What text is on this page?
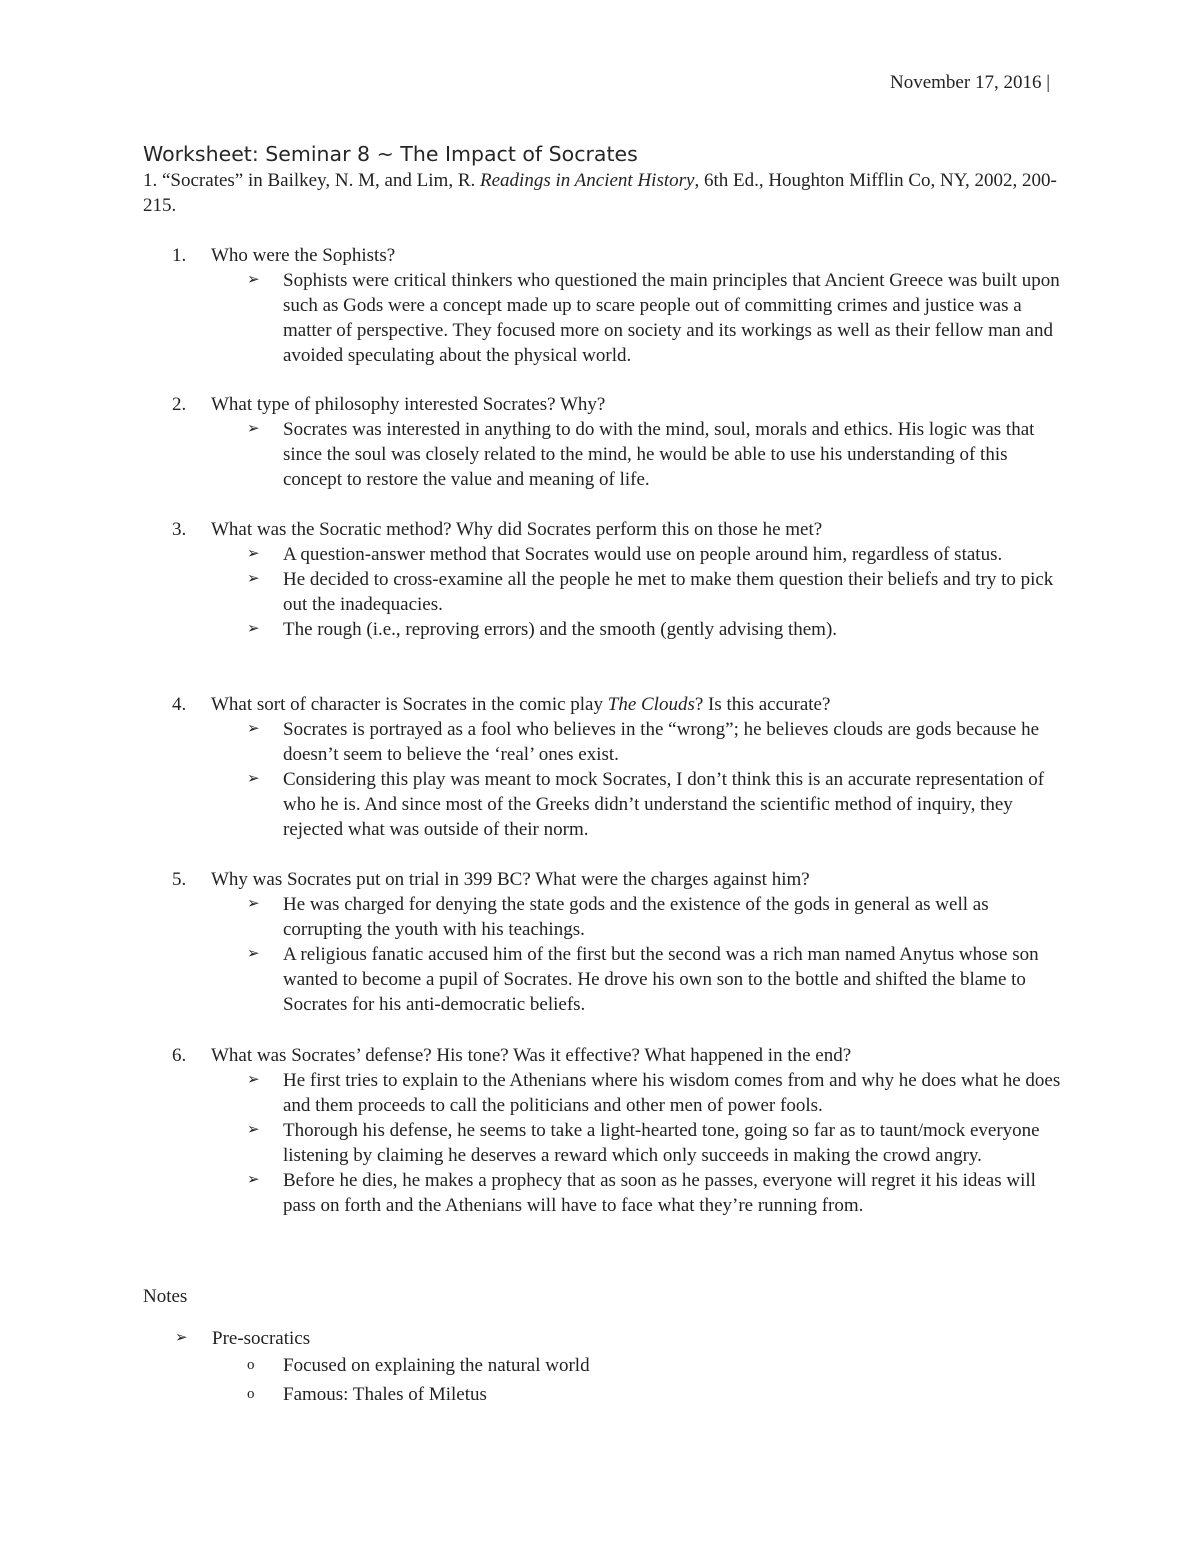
November 17, 2016 |
Worksheet: Seminar 8 ~ The Impact of Socrates
1. “Socrates” in Bailkey, N. M, and Lim, R. Readings in Ancient History, 6th Ed., Houghton Mifflin Co, NY, 2002, 200-215.
1.	Who were the Sophists?
➢	Sophists were critical thinkers who questioned the main principles that Ancient Greece was built upon such as Gods were a concept made up to scare people out of committing crimes and justice was a matter of perspective. They focused more on society and its workings as well as their fellow man and avoided speculating about the physical world.
2.	What type of philosophy interested Socrates? Why?
➢	Socrates was interested in anything to do with the mind, soul, morals and ethics. His logic was that since the soul was closely related to the mind, he would be able to use his understanding of this concept to restore the value and meaning of life.
3.	What was the Socratic method? Why did Socrates perform this on those he met?
➢	A question-answer method that Socrates would use on people around him, regardless of status.
➢	He decided to cross-examine all the people he met to make them question their beliefs and try to pick out the inadequacies.
➢	The rough (i.e., reproving errors) and the smooth (gently advising them).
4.	What sort of character is Socrates in the comic play The Clouds? Is this accurate?
➢	Socrates is portrayed as a fool who believes in the “wrong”; he believes clouds are gods because he doesn’t seem to believe the ‘real’ ones exist.
➢	Considering this play was meant to mock Socrates, I don’t think this is an accurate representation of who he is. And since most of the Greeks didn’t understand the scientific method of inquiry, they rejected what was outside of their norm.
5.	Why was Socrates put on trial in 399 BC? What were the charges against him?
➢	He was charged for denying the state gods and the existence of the gods in general as well as corrupting the youth with his teachings.
➢	A religious fanatic accused him of the first but the second was a rich man named Anytus whose son wanted to become a pupil of Socrates. He drove his own son to the bottle and shifted the blame to Socrates for his anti-democratic beliefs.
6.	What was Socrates’ defense? His tone? Was it effective? What happened in the end?
➢	He first tries to explain to the Athenians where his wisdom comes from and why he does what he does and them proceeds to call the politicians and other men of power fools.
➢	Thorough his defense, he seems to take a light-hearted tone, going so far as to taunt/mock everyone listening by claiming he deserves a reward which only succeeds in making the crowd angry.
➢	Before he dies, he makes a prophecy that as soon as he passes, everyone will regret it his ideas will pass on forth and the Athenians will have to face what they’re running from.
Notes
➢	Pre-socratics
o	Focused on explaining the natural world
o	Famous: Thales of Miletus
